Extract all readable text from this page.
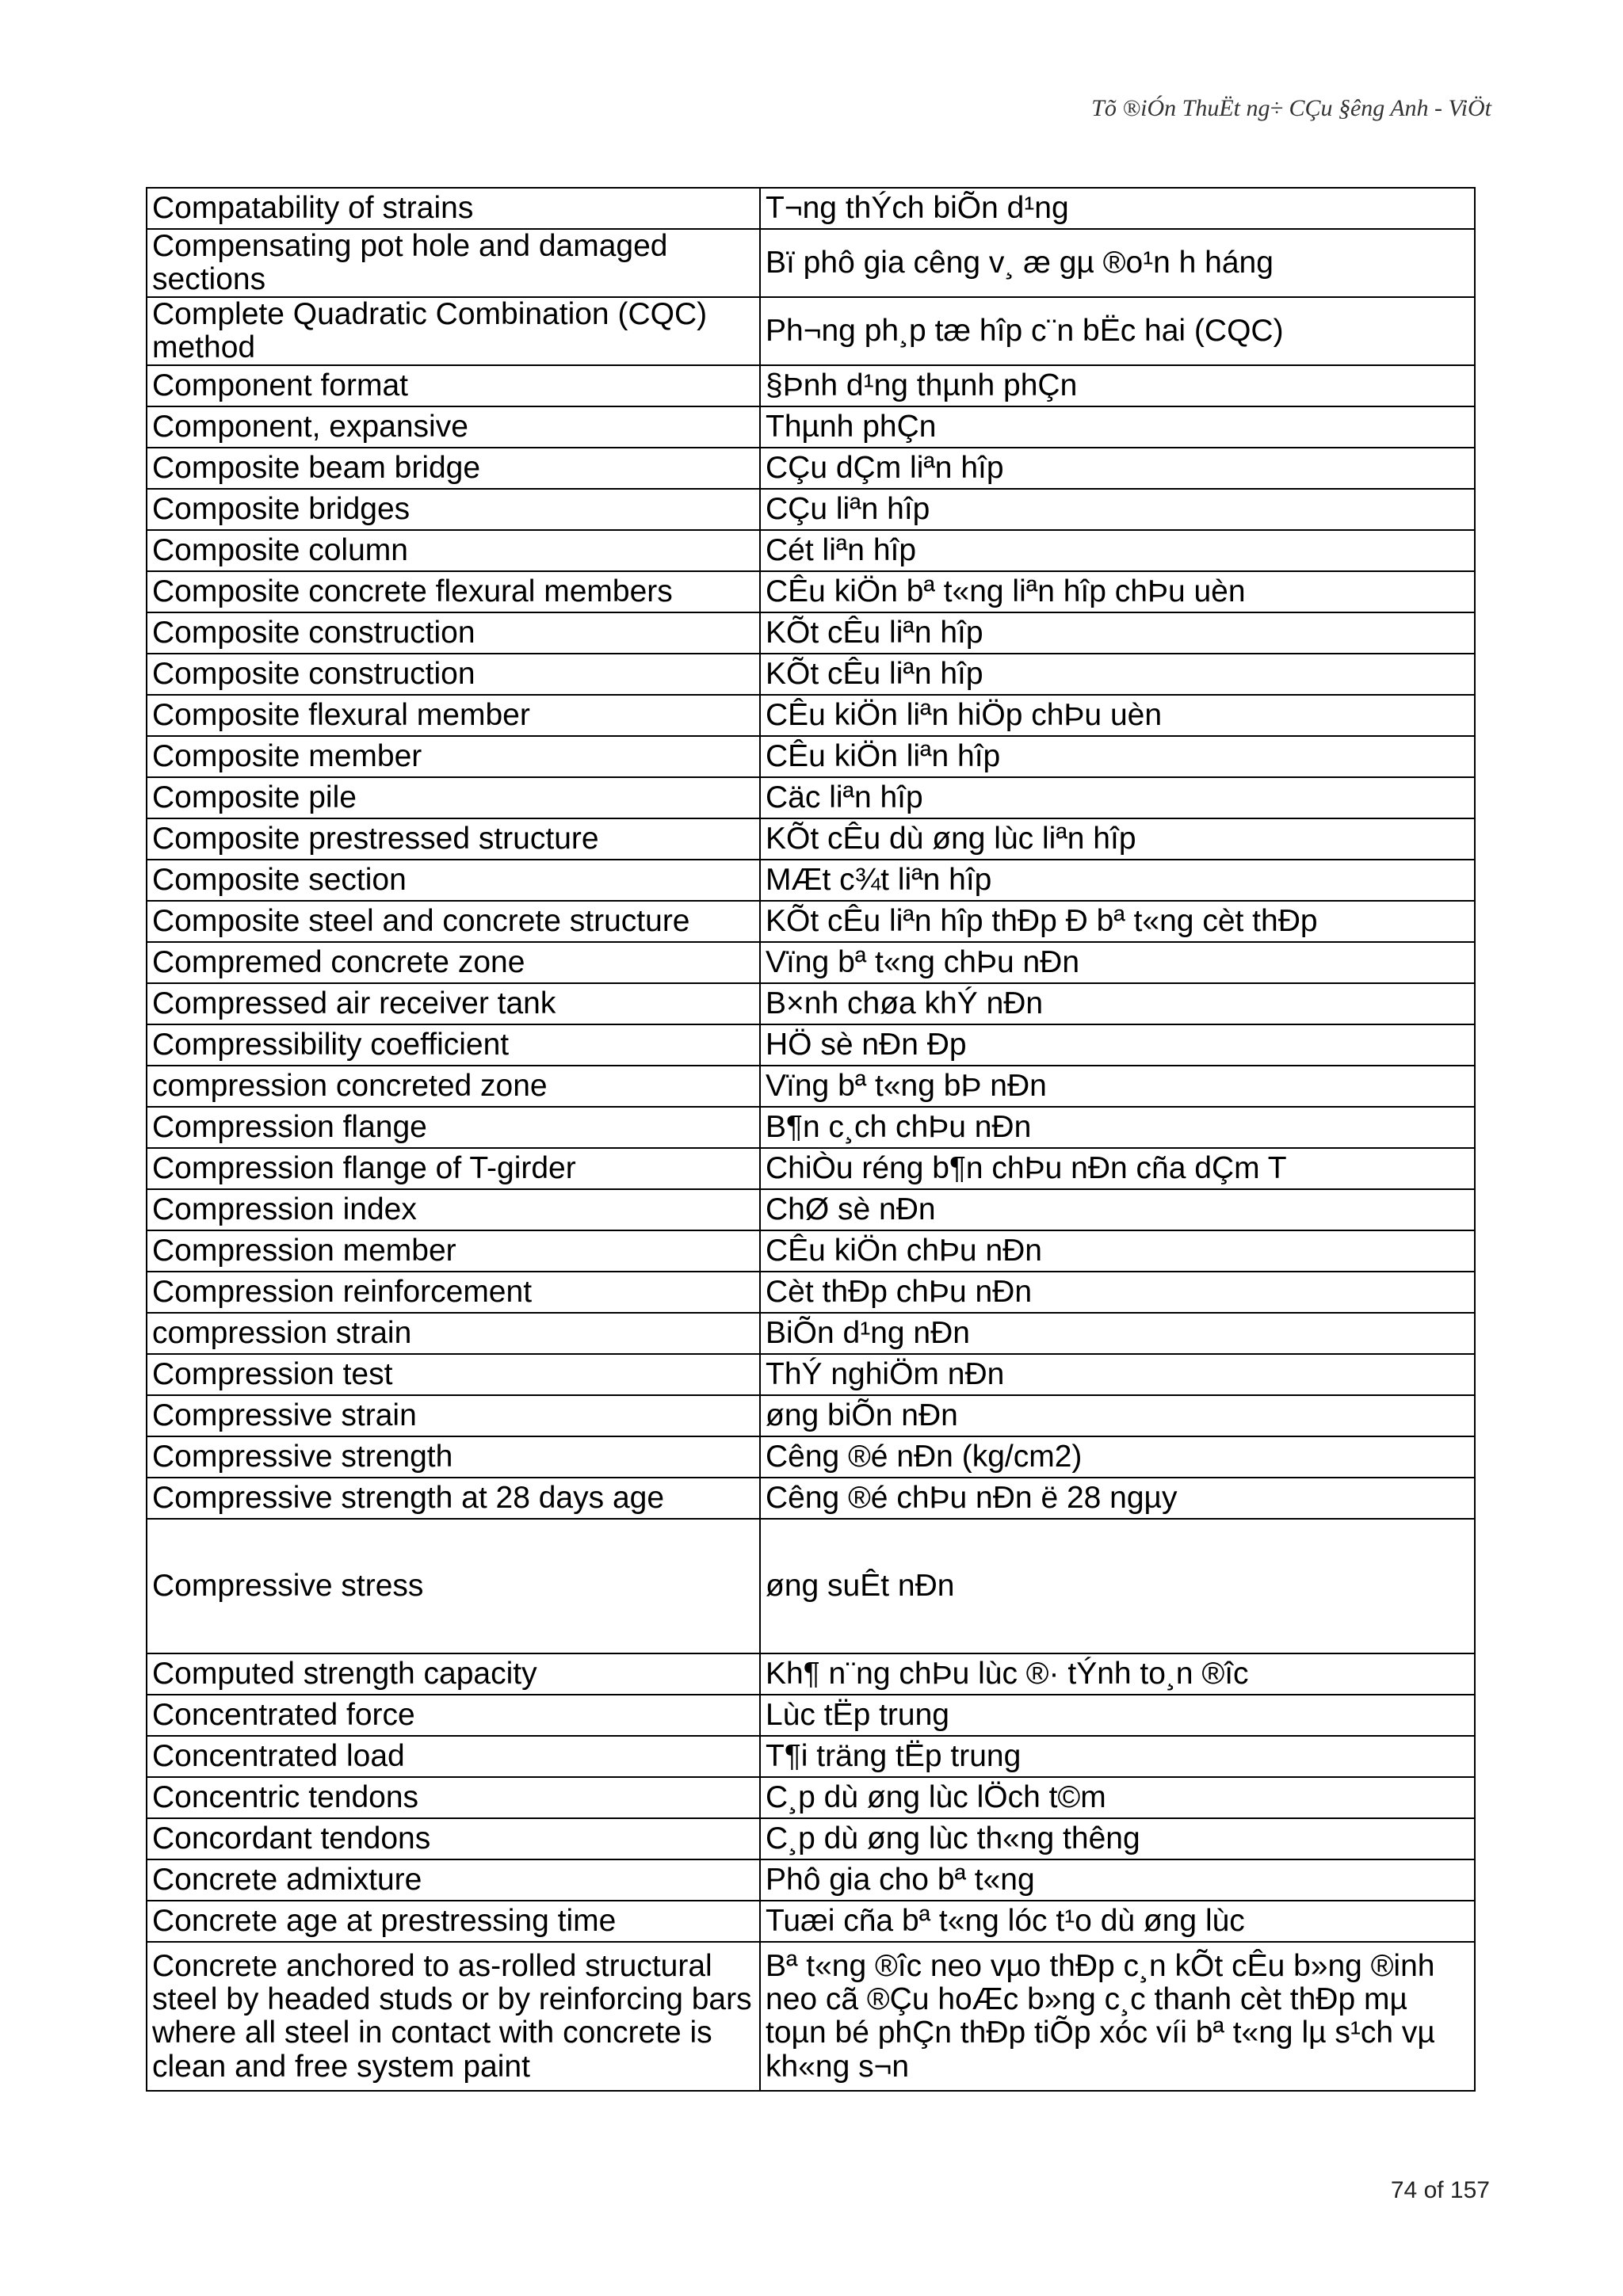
Tõ ®iÓn ThuËt ng÷ CÇu §êng Anh - ViÖt
Compatability of strains	T¬ng thÝch biÕn d¹ng
Compensating pot hole and damaged sections	Bï phô gia cêng v¸ æ gµ ®o¹n h háng
Complete Quadratic Combination (CQC) method	Ph¬ng ph¸p tæ hîp c¨n bËc hai (CQC)
Component format	§Þnh d¹ng thµnh phÇn
Component, expansive	Thµnh phÇn
Composite beam bridge	CÇu dÇm liªn hîp
Composite bridges	CÇu liªn hîp
Composite column	Cét liªn hîp
Composite concrete flexural members	CÊu kiÖn bª t«ng liªn hîp chÞu uèn
Composite construction	KÕt cÊu liªn hîp
Composite construction	KÕt cÊu liªn hîp
Composite flexural member	CÊu kiÖn liªn hiÖp chÞu uèn
Composite member	CÊu kiÖn liªn hîp
Composite pile	Cäc liªn hîp
Composite prestressed structure	KÕt cÊu dù øng lùc liªn hîp
Composite section	MÆt c¾t liªn hîp
Composite steel and concrete structure	KÕt cÊu liªn hîp thÐp Đ bª t«ng cèt thÐp
Compremed concrete zone	Vïng bª t«ng chÞu nÐn
Compressed air receiver tank	B×nh chøa khÝ nÐn
Compressibility coefficient	HÖ sè nÐn Ðp
compression concreted zone	Vïng bª t«ng bÞ nÐn
Compression flange	B¶n c¸ch chÞu nÐn
Compression flange of T-girder	ChiÒu réng b¶n chÞu nÐn cña dÇm T
Compression index	ChØ sè nÐn
Compression member	CÊu kiÖn chÞu nÐn
Compression reinforcement	Cèt thÐp chÞu nÐn
compression strain	BiÕn d¹ng nÐn
Compression test	ThÝ nghiÖm nÐn
Compressive strain	øng biÕn nÐn
Compressive strength	Cêng ®é nÐn (kg/cm2)
Compressive strength at 28 days age	Cêng ®é chÞu nÐn ë 28 ngµy
Compressive stress	øng suÊt nÐn
Computed strength capacity	Kh¶ n¨ng chÞu lùc ®· tÝnh to¸n ®îc
Concentrated force	Lùc tËp trung
Concentrated load	T¶i träng tËp trung
Concentric tendons	C¸p dù øng lùc lÖch t©m
Concordant tendons	C¸p dù øng lùc th«ng thêng
Concrete admixture	Phô gia cho bª t«ng
Concrete age at prestressing time	Tuæi cña bª t«ng lóc t¹o dù øng lùc
Concrete anchored to as-rolled structural steel by headed studs or by reinforcing bars where all steel in contact with concrete is clean and free system paint	Bª t«ng ®îc neo vµo thÐp c¸n kÕt cÊu b»ng ®inh neo cã ®Çu hoÆc b»ng c¸c thanh cèt thÐp mµ toµn bé phÇn thÐp tiÕp xóc víi bª t«ng lµ s¹ch vµ kh«ng s¬n
74 of 157
